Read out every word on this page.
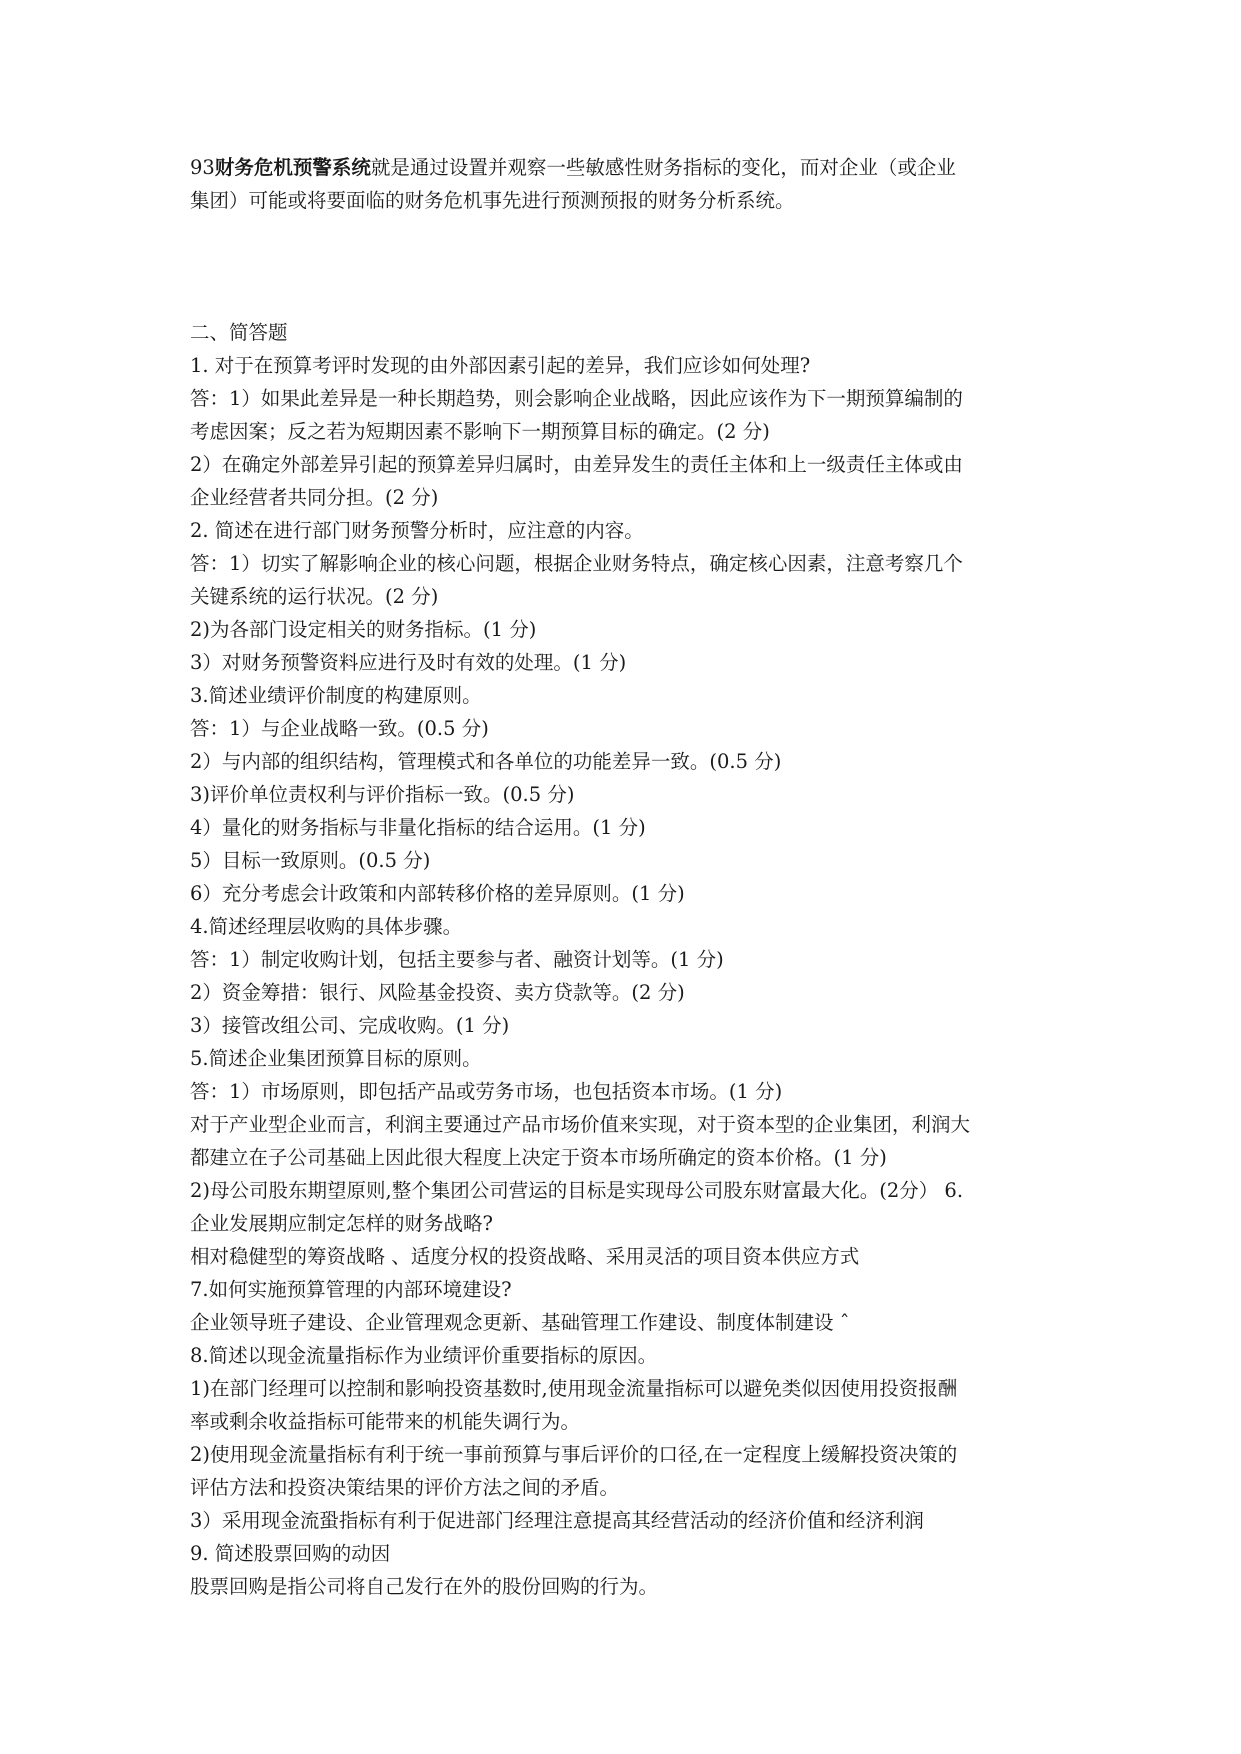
93财务危机预警系统就是通过设置并观察一些敏感性财务指标的变化，而对企业（或企业
集团）可能或将要面临的财务危机事先进行预测预报的财务分析系统。
二、简答题
1. 对于在预算考评时发现的由外部因素引起的差异，我们应诊如何处理?
答：1）如果此差异是一种长期趋势，则会影响企业战略，因此应该作为下一期预算编制的
考虑因案；反之若为短期因素不影响下一期预算目标的确定。(2 分)
2）在确定外部差异引起的预算差异归属时，由差异发生的责任主体和上一级责任主体或由
企业经营者共同分担。(2 分)
2. 简述在进行部门财务预警分析时，应注意的内容。
答：1）切实了解影响企业的核心问题，根据企业财务特点，确定核心因素，注意考察几个
关键系统的运行状况。(2 分)
2)为各部门设定相关的财务指标。(1 分)
3）对财务预警资料应进行及时有效的处理。(1 分)
3.简述业绩评价制度的构建原则。
答：1）与企业战略一致。(0.5 分)
2）与内部的组织结构，管理模式和各单位的功能差异一致。(0.5 分)
3)评价单位责权利与评价指标一致。(0.5 分)
4）量化的财务指标与非量化指标的结合运用。(1 分)
5）目标一致原则。(0.5 分)
6）充分考虑会计政策和内部转移价格的差异原则。(1 分)
4.简述经理层收购的具体步骤。
答：1）制定收购计划，包括主要参与者、融资计划等。(1 分)
2）资金筹措：银行、风险基金投资、卖方贷款等。(2 分)
3）接管改组公司、完成收购。(1 分)
5.简述企业集团预算目标的原则。
答：1）市场原则，即包括产品或劳务市场，也包括资本市场。(1 分)
对于产业型企业而言，利润主要通过产品市场价值来实现，对于资本型的企业集团，利润大
都建立在子公司基础上因此很大程度上决定于资本市场所确定的资本价格。(1 分)
2)母公司股东期望原则,整个集团公司营运的目标是实现母公司股东财富最大化。(2分） 6.
企业发展期应制定怎样的财务战略?
相对稳健型的筹资战略 、适度分权的投资战略、采用灵活的项目资本供应方式
7.如何实施预算管理的内部环境建设?
企业领导班子建设、企业管理观念更新、基础管理工作建设、制度体制建设 ˆ
8.简述以现金流量指标作为业绩评价重要指标的原因。
1)在部门经理可以控制和影响投资基数时,使用现金流量指标可以避免类似因使用投资报酬
率或剩余收益指标可能带来的机能失调行为。
2)使用现金流量指标有利于统一事前预算与事后评价的口径,在一定程度上缓解投资决策的
评估方法和投资决策结果的评价方法之间的矛盾。
3）采用现金流蛩指标有利于促进部门经理注意提高其经营活动的经济价值和经济利润
9. 简述股票回购的动因
股票回购是指公司将自己发行在外的股份回购的行为。
